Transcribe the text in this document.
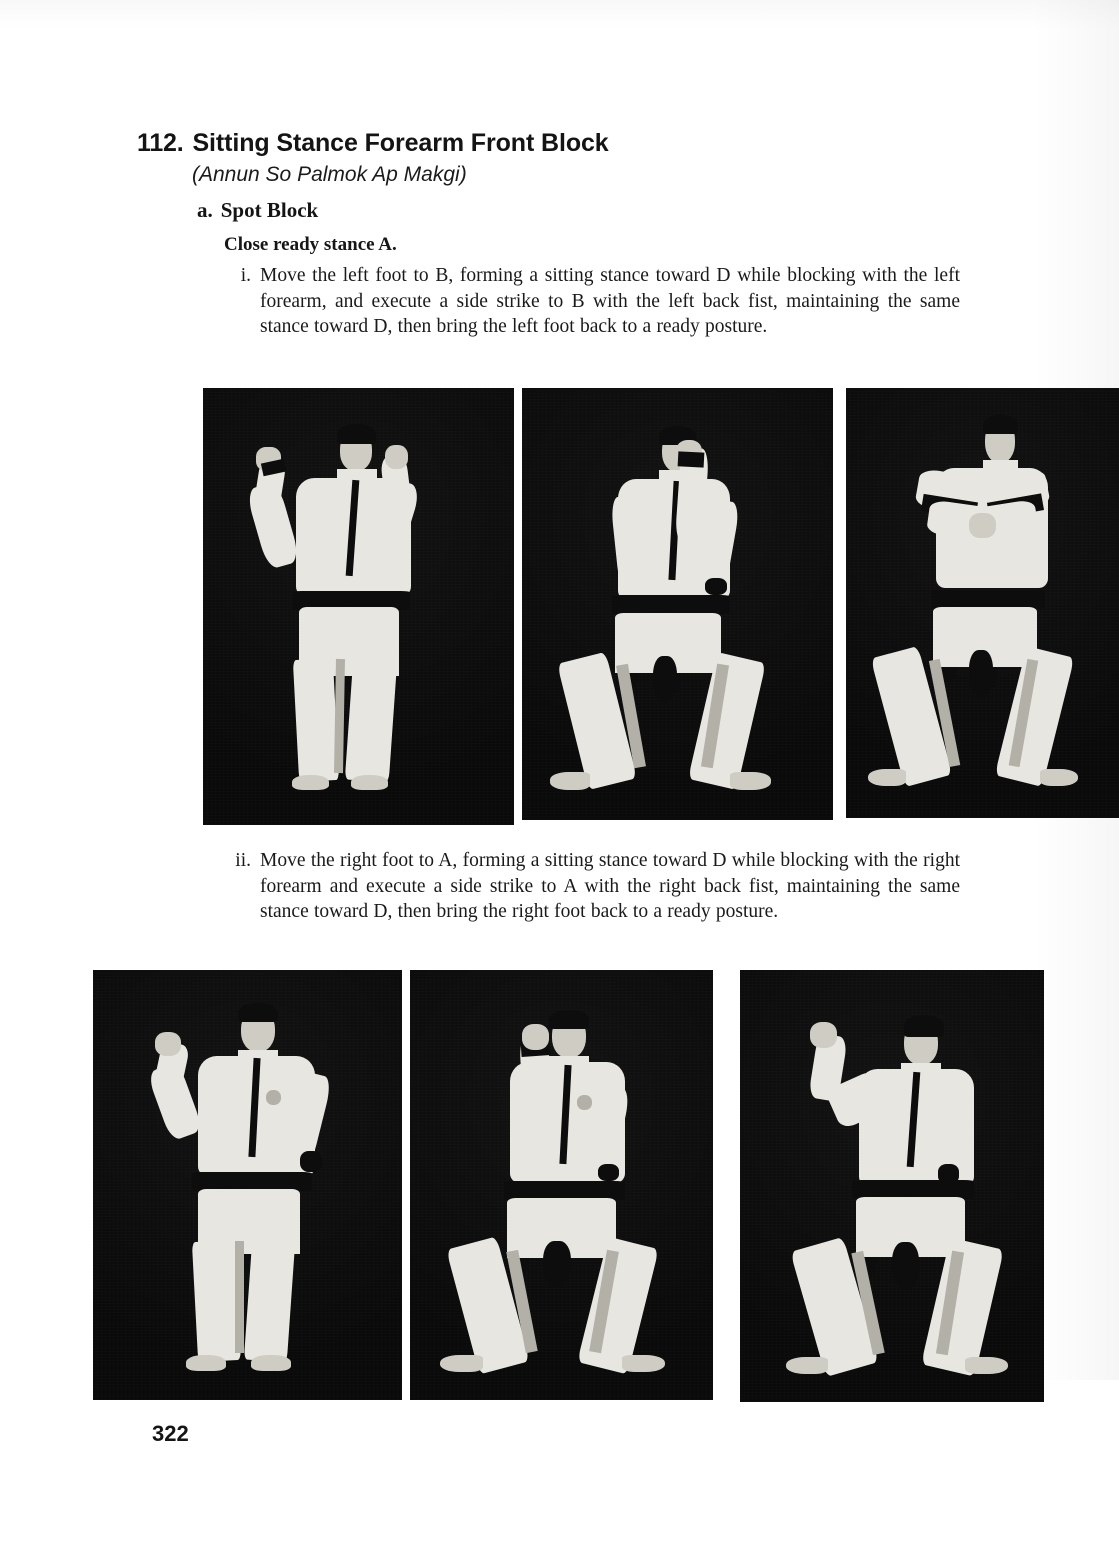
112. Sitting Stance Forearm Front Block
(Annun So Palmok Ap Makgi)
a. Spot Block
Close ready stance A.
i. Move the left foot to B, forming a sitting stance toward D while blocking with the left forearm, and execute a side strike to B with the left back fist, maintaining the same stance toward D, then bring the left foot back to a ready posture.
ii. Move the right foot to A, forming a sitting stance toward D while blocking with the right forearm and execute a side strike to A with the right back fist, maintaining the same stance toward D, then bring the right foot back to a ready posture.
322
